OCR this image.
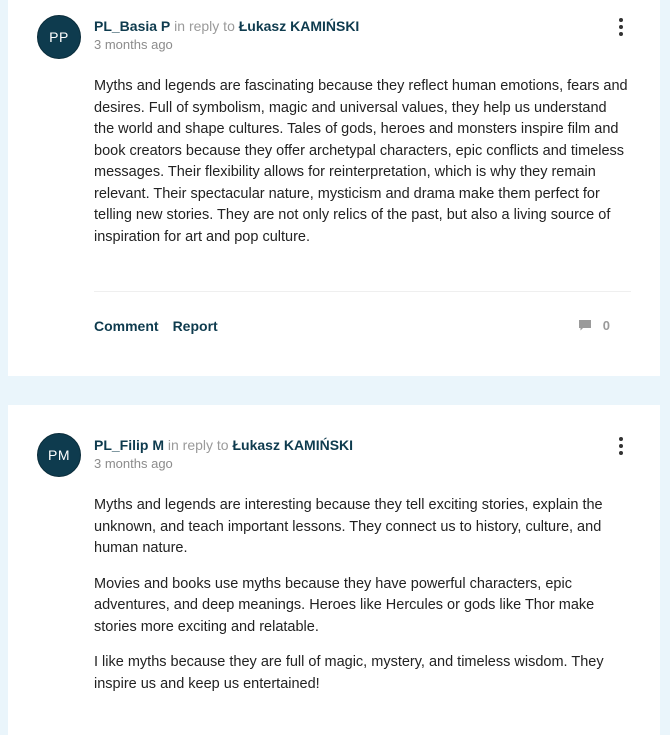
PP
PL_Basia P in reply to Łukasz KAMIŃSKI
3 months ago

Myths and legends are fascinating because they reflect human emotions, fears and desires. Full of symbolism, magic and universal values, they help us understand the world and shape cultures. Tales of gods, heroes and monsters inspire film and book creators because they offer archetypal characters, epic conflicts and timeless messages. Their flexibility allows for reinterpretation, which is why they remain relevant. Their spectacular nature, mysticism and drama make them perfect for telling new stories. They are not only relics of the past, but also a living source of inspiration for art and pop culture.

Comment Report	0
PM
PL_Filip M in reply to Łukasz KAMIŃSKI
3 months ago

Myths and legends are interesting because they tell exciting stories, explain the unknown, and teach important lessons. They connect us to history, culture, and human nature.

Movies and books use myths because they have powerful characters, epic adventures, and deep meanings. Heroes like Hercules or gods like Thor make stories more exciting and relatable.

I like myths because they are full of magic, mystery, and timeless wisdom. They inspire us and keep us entertained!
